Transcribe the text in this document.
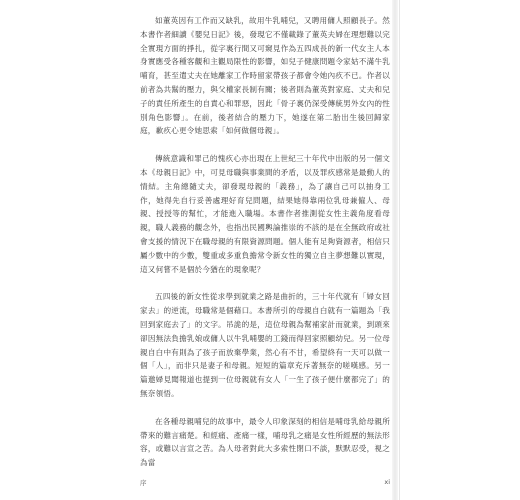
如董英因有工作而又缺乳，故用牛乳哺兒，又聘用傭人照顧長子。然本書作者細讀《嬰兒日記》後，發現它不僅載錄了董英夫婦在理想難以完全實現方面的掙扎，從字裏行間又可窺見作為五四成長的新一代女主人本身實應受各種客觀和主觀局限性的影響，如兒子健康問題令家姑不滿牛乳哺育，甚至遣丈夫在她離家工作時留家帶孩子都會令她內疚不已。作者以前者為共鬗的壓力，與父權家長制有關；後者則為董英對家庭、丈夫和兒子的責任所產生的自責心和罪惡，因此「骨子裏仍深受傳統男外女內的性別角色影響」。在前，後者結合的壓力下，她遂在第二胎出生後回歸家庭，歉疚心更令她思索「如何做個母親」。

傳統意識和罪己的愧疚心亦出現在上世紀三十年代中出版的另一個文本《母親日記》中，可見母職與事業間的矛盾，以及罪疚感常是最動人的情結。主角總隨丈夫，卻發現母親的「義務」，為了讓自己可以抽身工作，她得先自行妥善處理好育兒問題，結果她得靠兩位乳母兼僱人、母親、授授等的幫忙，才能進入職場。本書作者推測從女性主義角度看母親，職人義務的觀念外，也指出民國輿論推崇的不該的是在全無政府或社會支援的情況下在職母親的有限資源問題。個人能有足夠資源者，相信只屬少數中的少數，雙重或多重負擔常令新女性的獨立自主夢想難以實現，這又何嘗不是個於今猶在的現象呢？

五四後的新女性從求學到就業之路是曲折的，三十年代就有「婦女回家去」的逆流，母職常是個藉口。本書所引的母親自白就有一篇題為「我回到家庭去了」的文字。吊詭的是，這位母親為幫補家計而就業，到頭來卻因無法負擔乳娘或傭人以牛乳哺嬰的工錢而得回家照顧幼兒。另一位母親自白中有則為了孩子而放棄學業，然心有不甘，希望終有一天可以做一個「人」，而非只是妻子和母親。短短的篇章充斥著無奈的嗟嘆感。另一篇邀婦見聞報道也提到一位母親就有女人「一生了孩子便什麼都完了」的無奈領悟。

在各種母親哺兒的故事中，最令人印象深刻的相信是哺母乳給母親所帶來的難言痛楚。和經痛、產痛一樣，哺母乳之痛是女性所經歷的無法形容，或難以言宣之苦。為人母者對此大多索性閉口不談，默默忍受，視之為當

序	xi
